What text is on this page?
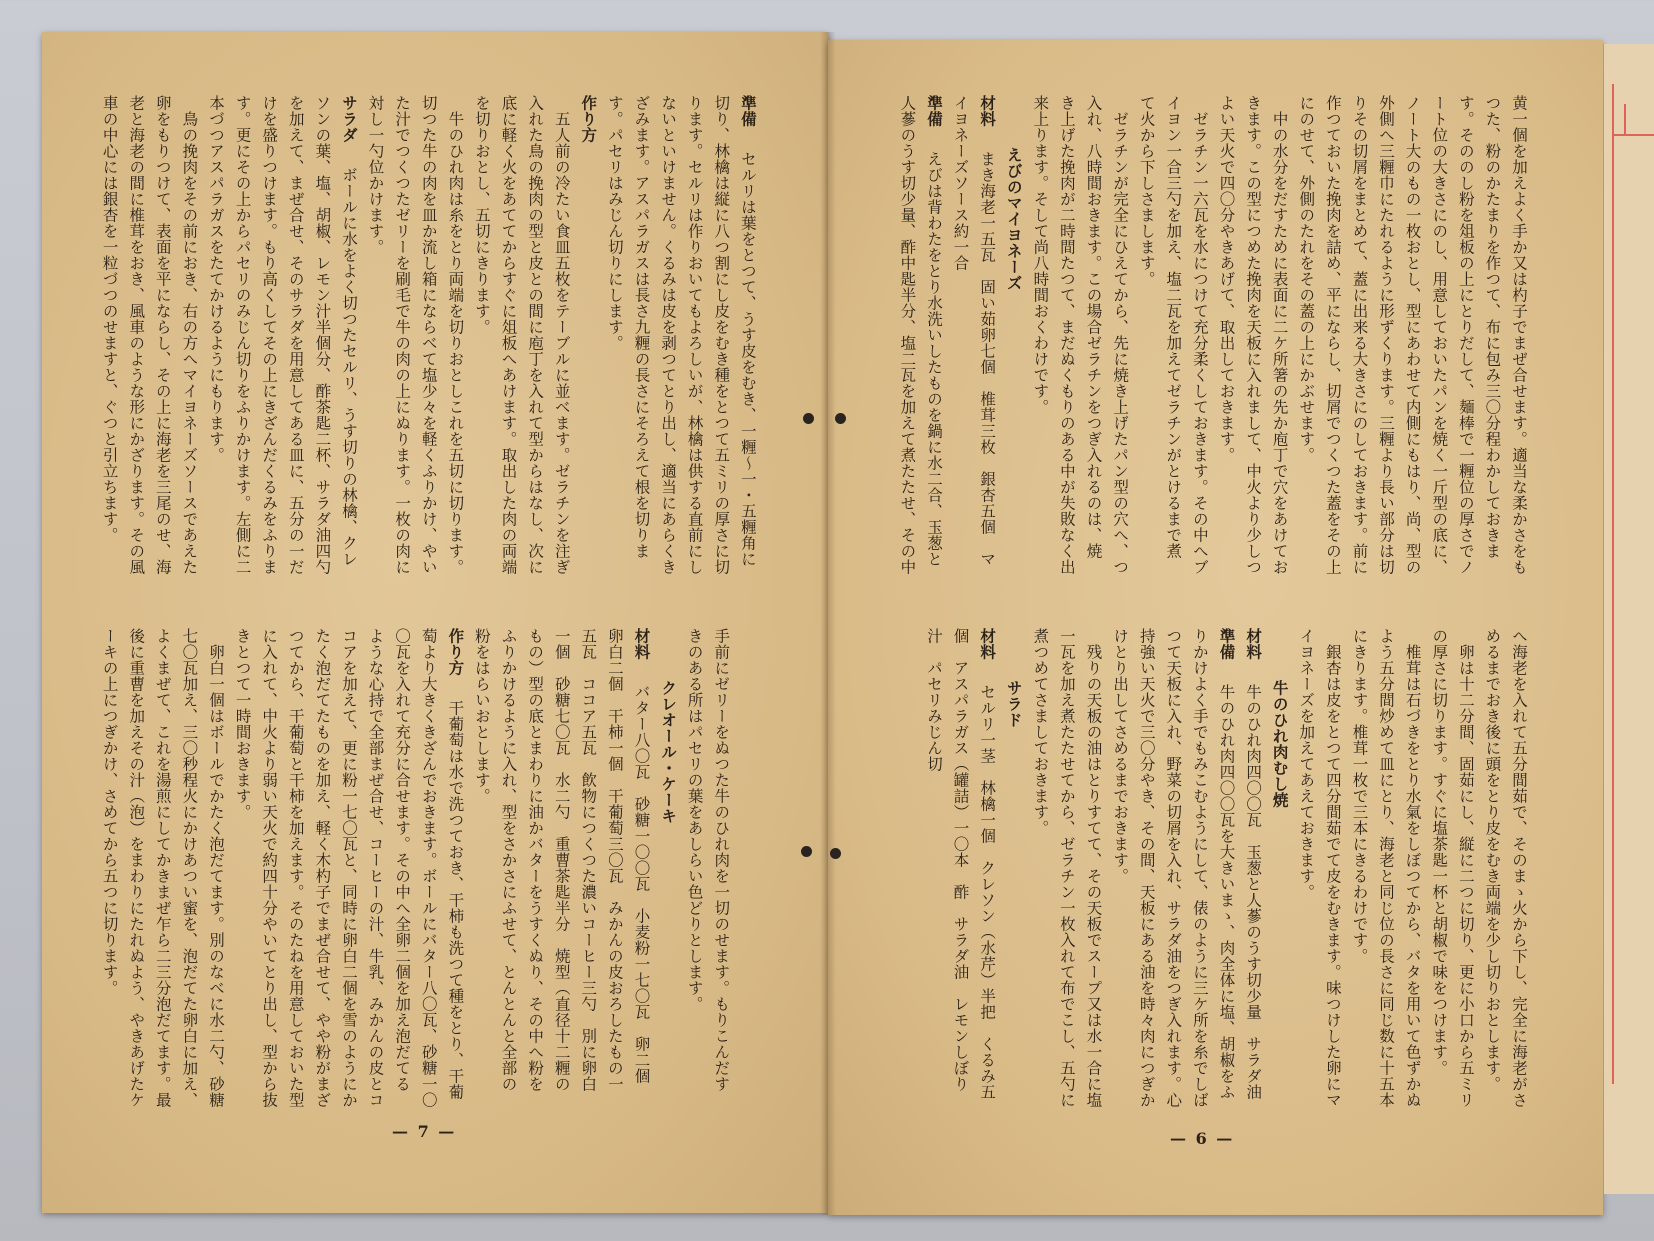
黄一個を加えよく手か又は杓子でまぜ合せます。適当な柔かさをも
つた、粉のかたまりを作つて、布に包み三〇分程わかしておきま
す。そののし粉を俎板の上にとりだして、麺棒で一糎位の厚さでノ
ート位の大きさにのし、用意しておいたパンを焼く一斤型の底に、
ノート大のもの一枚おとし、型にあわせて内側にもはり、尚、型の
外側へ三糎巾にたれるように形ずくります。三糎より長い部分は切
りその切屑をまとめて、蓋に出来る大きさにのしておきます。前に
作つておいた挽肉を詰め、平にならし、切屑でつくつた蓋をその上
にのせて、外側のたれをその蓋の上にかぶせます。
　中の水分をだすために表面に二ケ所箸の先か庖丁で穴をあけてお
きます。この型につめた挽肉を天板に入れまして、中火より少しつ
よい天火で四〇分やきあげて、取出しておきます。
　ゼラチン一六瓦を水につけて充分柔くしておきます。その中へブ
イヨン一合三勺を加え、塩二瓦を加えてゼラチンがとけるまで煮
て火から下しさまします。
　ゼラチンが完全にひえてから、先に焼き上げたパン型の穴へ、つ
入れ、八時間おきます。この場合ゼラチンをつぎ入れるのは、焼
き上げた挽肉が二時間たつて、まだぬくもりのある中が失敗なく出
来上ります。そして尚八時間おくわけです。
えびのマイヨネーズ
材料　まき海老一五瓦　固い茹卵七個　椎茸三枚　銀杏五個　マ
イヨネーズソース約一合
準備　えびは背わたをとり水洗いしたものを鍋に水二合、玉葱と
人蔘のうす切少量、酢中匙半分、塩二瓦を加えて煮たたせ、その中
へ海老を入れて五分間茹で、そのまゝ火から下し、完全に海老がさ
めるまでおき後に頭をとり皮をむき両端を少し切りおとします。
　卵は十二分間、固茹にし、縦に二つに切り、更に小口から五ミリ
の厚さに切ります。すぐに塩茶匙一杯と胡椒で味をつけます。
　椎茸は石づきをとり水氣をしぼつてから、バタを用いて色ずかぬ
よう五分間炒めて皿にとり、海老と同じ位の長さに同じ数に十五本
にきります。椎茸一枚で三本にきるわけです。
　銀杏は皮をとつて四分間茹でて皮をむきます。味つけした卵にマ
イヨネーズを加えてあえておきます。
牛のひれ肉むし焼
材料　牛のひれ肉四〇〇瓦　玉葱と人蔘のうす切少量　サラダ油
準備　牛のひれ肉四〇〇瓦を大きいまゝ、肉全体に塩、胡椒をふ
りかけよく手でもみこむようにして、俵のように三ケ所を糸でしば
つて天板に入れ、野菜の切屑を入れ、サラダ油をつぎ入れます。心
持強い天火で三〇分やき、その間、天板にある油を時々肉につぎか
けとり出してさめるまでおきます。
　残りの天板の油はとりすてて、その天板でスープ又は水一合に塩
一瓦を加え煮たたせてから、ゼラチン一枚入れて布でこし、五勺に
煮つめてさましておきます。
サラド
材料　セルリ一茎　林檎一個　クレソン（水芹）半把　くるみ五
個　アスパラガス（罐詰）一〇本　酢　サラダ油　レモンしぼり
汁　パセリみじん切
準備　セルリは葉をとつて、うす皮をむき、一糎～一・五糎角に
切り、林檎は縦に八つ割にし皮をむき種をとつて五ミリの厚さに切
ります。セルリは作りおいてもよろしいが、林檎は供する直前にし
ないといけません。くるみは皮を剥つてとり出し、適当にあらくき
ざみます。アスパラガスは長さ九糎の長さにそろえて根を切りま
す。パセリはみじん切りにします。
作り方　
　五人前の冷たい食皿五枚をテーブルに並べます。ゼラチンを注ぎ
入れた鳥の挽肉の型と皮との間に庖丁を入れて型からはなし、次に
底に軽く火をあててからすぐに俎板へあけます。取出した肉の両端
を切りおとし、五切にきります。
　牛のひれ肉は糸をとり両端を切りおとしこれを五切に切ります。
切つた牛の肉を皿か流し箱にならべて塩少々を軽くふりかけ、やい
た汁でつくつたゼリーを刷毛で牛の肉の上にぬります。一枚の肉に
対し一勺位かけます。
サラダ　ボールに水をよく切つたセルリ、うす切りの林檎、クレ
ソンの葉、塩、胡椒、レモン汁半個分、酢茶匙二杯、サラダ油四勺
を加えて、まぜ合せ、そのサラダを用意してある皿に、五分の一だ
けを盛りつけます。もり高くしてその上にきざんだくるみをふりま
す。更にその上からパセリのみじん切りをふりかけます。左側に二
本づつアスパラガスをたてかけるようにもります。
　鳥の挽肉をその前におき、右の方へマイヨネーズソースであえた
卵をもりつけて、表面を平にならし、その上に海老を三尾のせ、海
老と海老の間に椎茸をおき、風車のような形にかざります。その風
車の中心には銀杏を一粒づつのせますと、ぐつと引立ちます。
手前にゼリーをぬつた牛のひれ肉を一切のせます。もりこんだす
きのある所はパセリの葉をあしらい色どりとします。
クレオール・ケーキ
材料　バター八〇瓦　砂糖一〇〇瓦　小麦粉一七〇瓦　卵二個
卵白二個　干柿一個　干葡萄三〇瓦　みかんの皮おろしたもの一
五瓦　ココア五瓦　飲物につくつた濃いコーヒー三勺　別に卵白
一個　砂糖七〇瓦　水二勺　重曹茶匙半分　焼型（直径十二糎の
もの）型の底とまわりに油かバターをうすくぬり、その中へ粉を
ふりかけるように入れ、型をさかさにふせて、とんとんと全部の
粉をはらいおとします。
作り方　干葡萄は水で洗つておき、干柿も洗つて種をとり、干葡
萄より大きくきざんでおきます。ボールにバター八〇瓦、砂糖一〇
〇瓦を入れて充分に合せます。その中へ全卵二個を加え泡だてる
ような心持で全部まぜ合せ、コーヒーの汁、牛乳、みかんの皮とコ
コアを加えて、更に粉一七〇瓦と、同時に卵白二個を雪のようにか
たく泡だてたものを加え、軽く木杓子でまぜ合せて、やや粉がまざ
つてから、干葡萄と干柿を加えます。そのたねを用意しておいた型
に入れて、中火より弱い天火で約四十分やいてとり出し、型から抜
きとつて一時間おきます。
　卵白一個はボールでかたく泡だてます。別のなべに水二勺、砂糖
七〇瓦加え、三〇秒程火にかけあつい蜜を、泡だてた卵白に加え、
よくまぜて、これを湯煎にしてかきまぜ乍ら二三分泡だてます。最
後に重曹を加えその汁（泡）をまわりにたれぬよう、やきあげたケ
ーキの上につぎかけ、さめてから五つに切ります。
— 7 —	— 6 —
